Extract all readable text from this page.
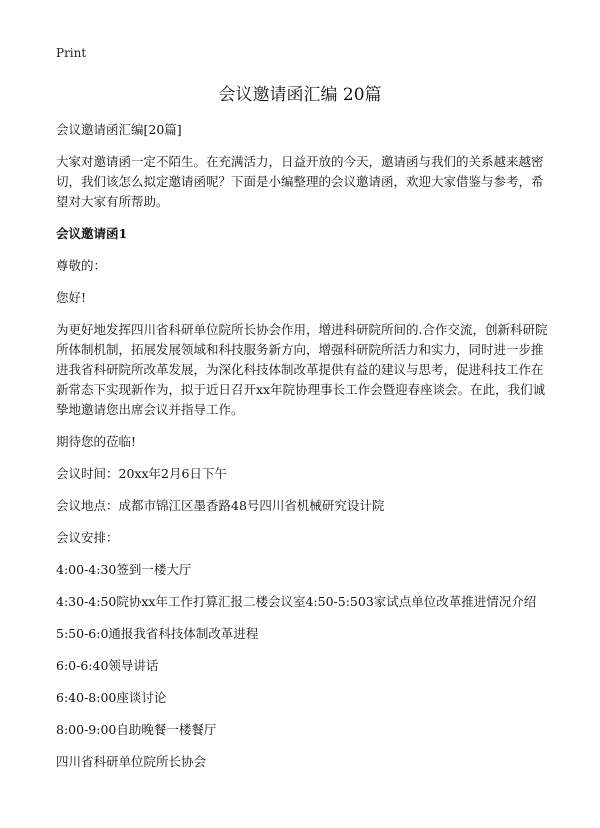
Print
会议邀请函汇编 20篇

会议邀请函汇编[20篇]

大家对邀请函一定不陌生。在充满活力，日益开放的今天，邀请函与我们的关系越来越密切，我们该怎么拟定邀请函呢？下面是小编整理的会议邀请函，欢迎大家借鉴与参考，希望对大家有所帮助。

会议邀请函1

尊敬的：

您好!

为更好地发挥四川省科研单位院所长协会作用，增进科研院所间的.合作交流，创新科研院所体制机制，拓展发展领域和科技服务新方向，增强科研院所活力和实力，同时进一步推进我省科研院所改革发展，为深化科技体制改革提供有益的建议与思考，促进科技工作在新常态下实现新作为，拟于近日召开xx年院协理事长工作会暨迎春座谈会。在此，我们诚挚地邀请您出席会议并指导工作。

期待您的莅临!

会议时间：20xx年2月6日下午

会议地点：成都市锦江区墨香路48号四川省机械研究设计院

会议安排：

4:00-4:30签到一楼大厅

4:30-4:50院协xx年工作打算汇报二楼会议室4:50-5:503家试点单位改革推进情况介绍

5:50-6:0通报我省科技体制改革进程

6:0-6:40领导讲话

6:40-8:00座谈讨论

8:00-9:00自助晚餐一楼餐厅

四川省科研单位院所长协会
